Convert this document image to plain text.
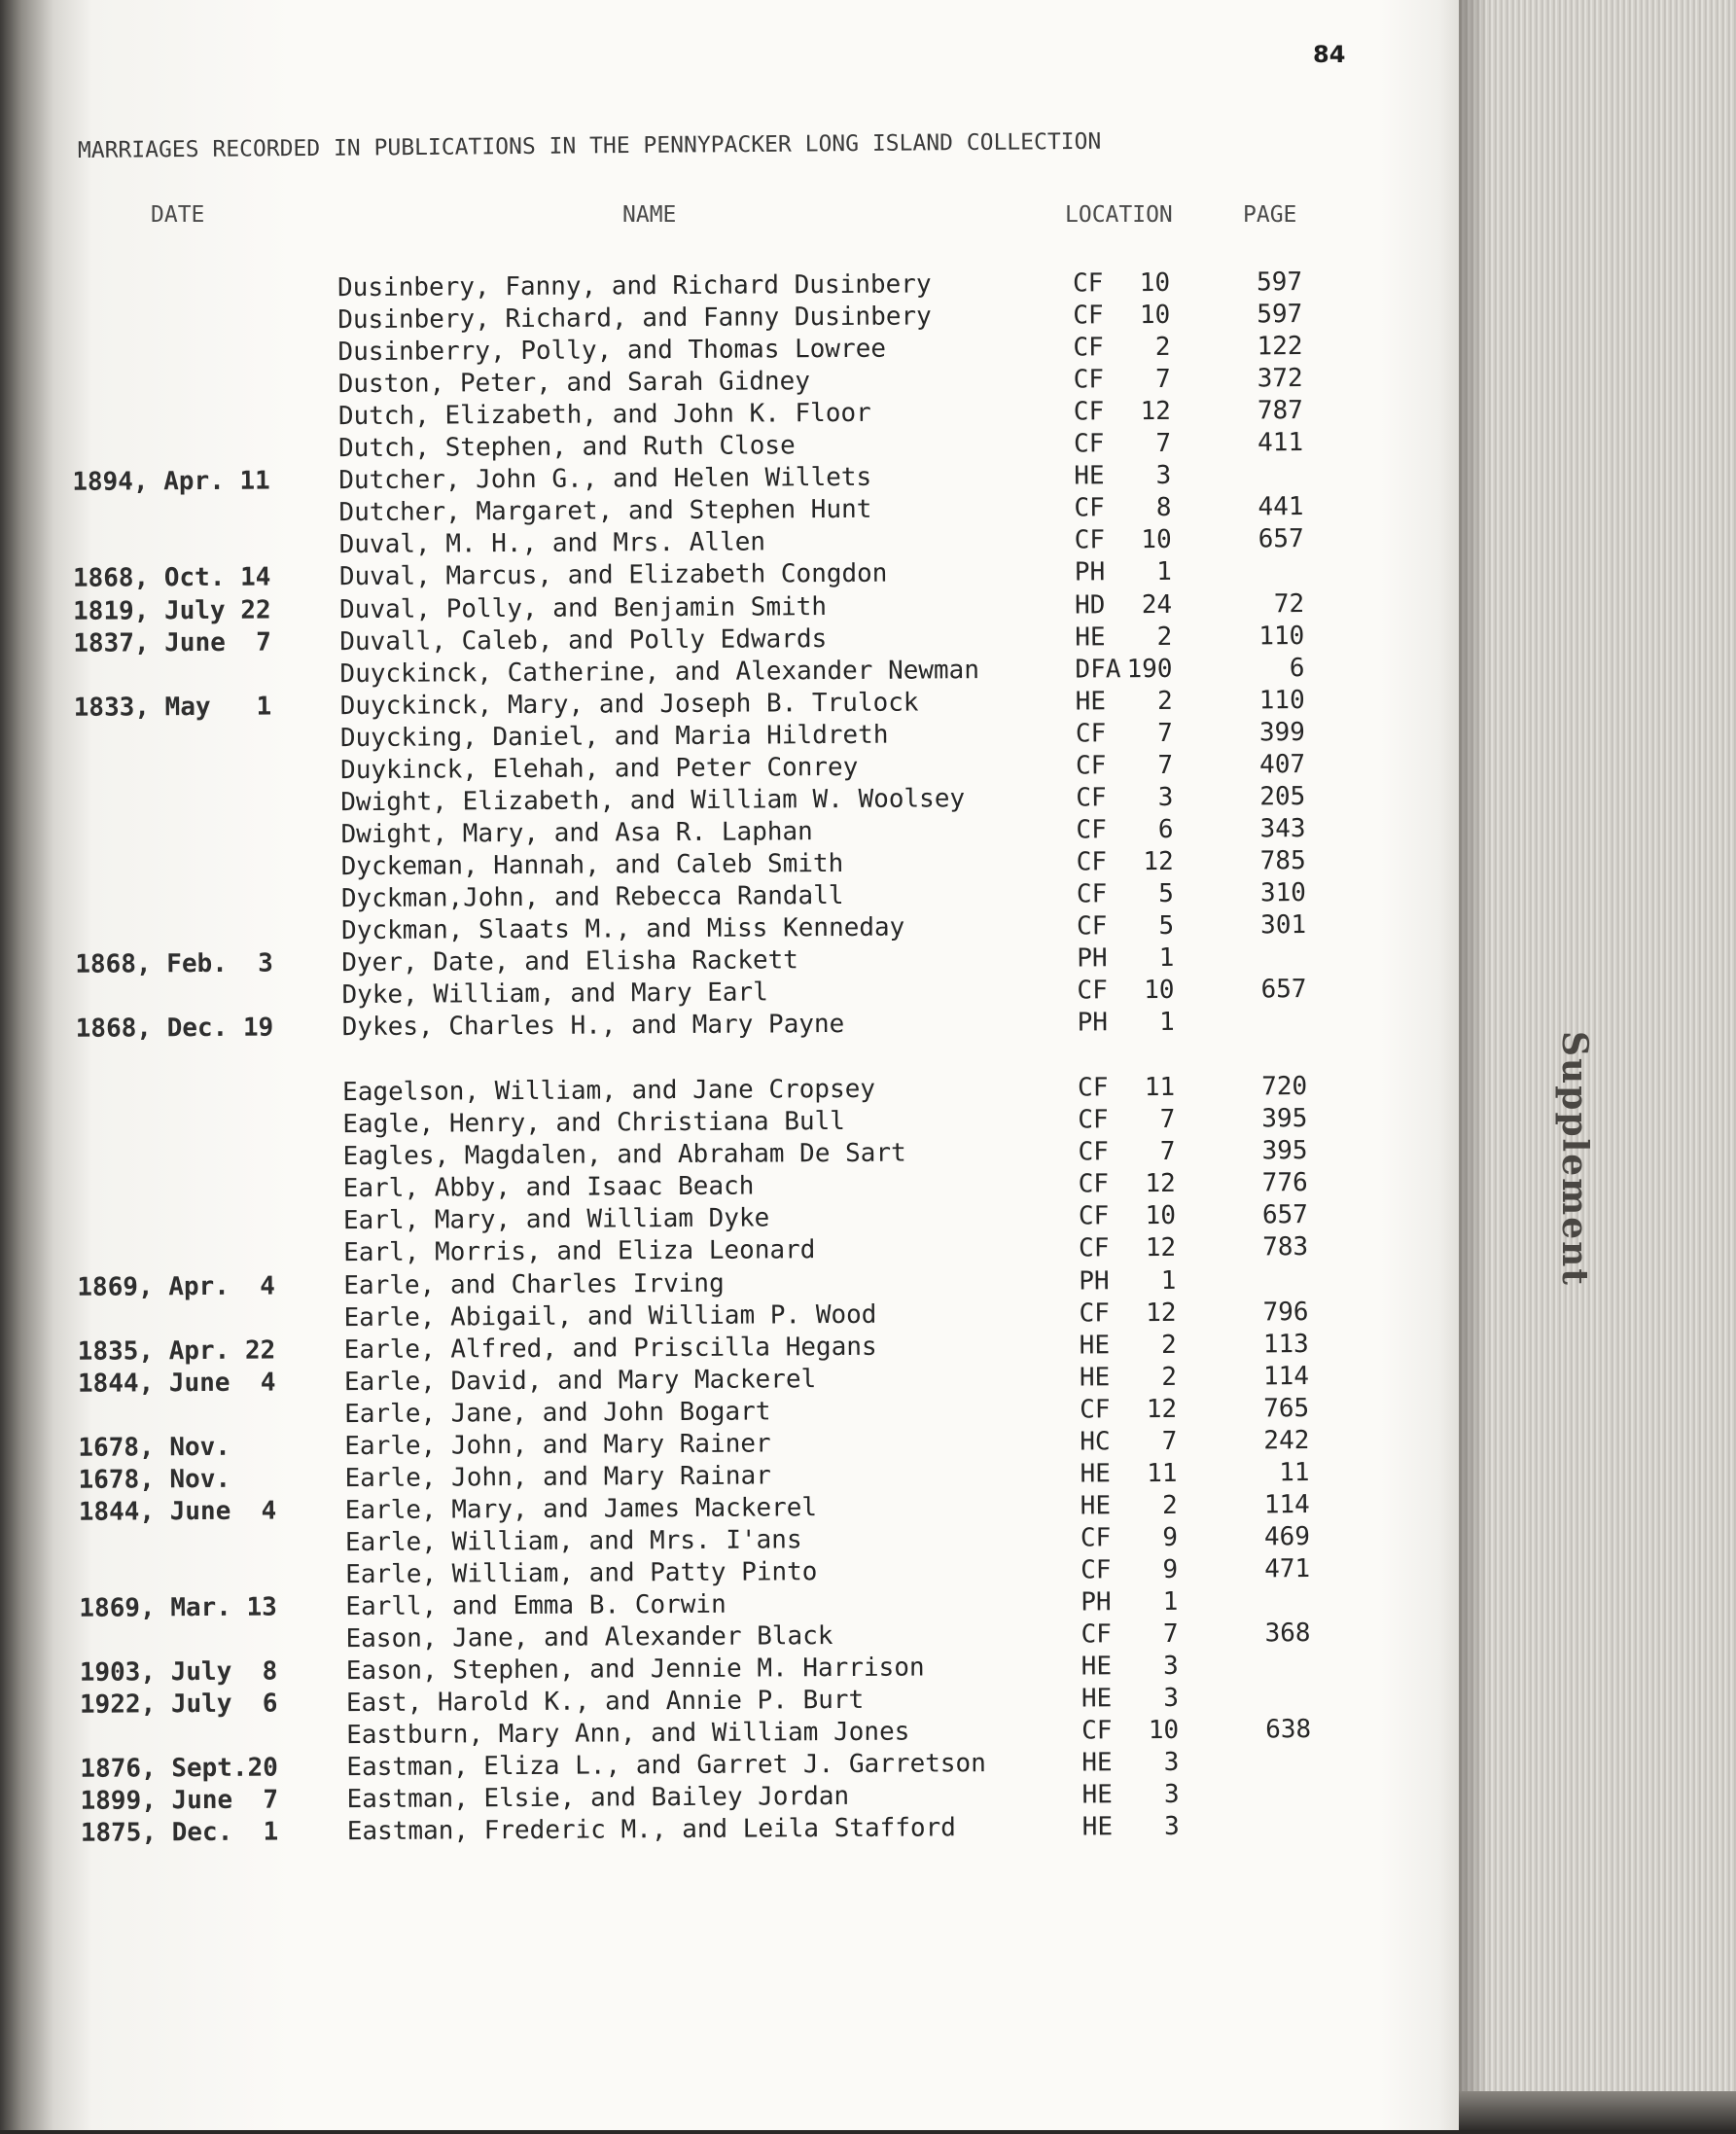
Supplement
84
MARRIAGES RECORDED IN PUBLICATIONS IN THE PENNYPACKER LONG ISLAND COLLECTION
DATE	NAME	LOCATION	PAGE
Dusinbery, Fanny, and Richard Dusinbery	CF	10	597
Dusinbery, Richard, and Fanny Dusinbery	CF	10	597
Dusinberry, Polly, and Thomas Lowree	CF	2	122
Duston, Peter, and Sarah Gidney	CF	7	372
Dutch, Elizabeth, and John K. Floor	CF	12	787
Dutch, Stephen, and Ruth Close	CF	7	411
1894, Apr. 11	Dutcher, John G., and Helen Willets	HE	3
Dutcher, Margaret, and Stephen Hunt	CF	8	441
Duval, M. H., and Mrs. Allen	CF	10	657
1868, Oct. 14	Duval, Marcus, and Elizabeth Congdon	PH	1
1819, July 22	Duval, Polly, and Benjamin Smith	HD	24	72
1837, June  7	Duvall, Caleb, and Polly Edwards	HE	2	110
Duyckinck, Catherine, and Alexander Newman	DFA 190	6
1833, May   1	Duyckinck, Mary, and Joseph B. Trulock	HE	2	110
Duycking, Daniel, and Maria Hildreth	CF	7	399
Duykinck, Elehah, and Peter Conrey	CF	7	407
Dwight, Elizabeth, and William W. Woolsey	CF	3	205
Dwight, Mary, and Asa R. Laphan	CF	6	343
Dyckeman, Hannah, and Caleb Smith	CF	12	785
Dyckman,John, and Rebecca Randall	CF	5	310
Dyckman, Slaats M., and Miss Kenneday	CF	5	301
1868, Feb.  3	Dyer, Date, and Elisha Rackett	PH	1
Dyke, William, and Mary Earl	CF	10	657
1868, Dec. 19	Dykes, Charles H., and Mary Payne	PH	1
Eagelson, William, and Jane Cropsey	CF	11	720
Eagle, Henry, and Christiana Bull	CF	7	395
Eagles, Magdalen, and Abraham De Sart	CF	7	395
Earl, Abby, and Isaac Beach	CF	12	776
Earl, Mary, and William Dyke	CF	10	657
Earl, Morris, and Eliza Leonard	CF	12	783
1869, Apr.  4	Earle, and Charles Irving	PH	1
Earle, Abigail, and William P. Wood	CF	12	796
1835, Apr. 22	Earle, Alfred, and Priscilla Hegans	HE	2	113
1844, June  4	Earle, David, and Mary Mackerel	HE	2	114
Earle, Jane, and John Bogart	CF	12	765
1678, Nov.	Earle, John, and Mary Rainer	HC	7	242
1678, Nov.	Earle, John, and Mary Rainar	HE	11	11
1844, June  4	Earle, Mary, and James Mackerel	HE	2	114
Earle, William, and Mrs. I'ans	CF	9	469
Earle, William, and Patty Pinto	CF	9	471
1869, Mar. 13	Earll, and Emma B. Corwin	PH	1
Eason, Jane, and Alexander Black	CF	7	368
1903, July  8	Eason, Stephen, and Jennie M. Harrison	HE	3
1922, July  6	East, Harold K., and Annie P. Burt	HE	3
Eastburn, Mary Ann, and William Jones	CF	10	638
1876, Sept.20	Eastman, Eliza L., and Garret J. Garretson	HE	3
1899, June  7	Eastman, Elsie, and Bailey Jordan	HE	3
1875, Dec.  1	Eastman, Frederic M., and Leila Stafford	HE	3
